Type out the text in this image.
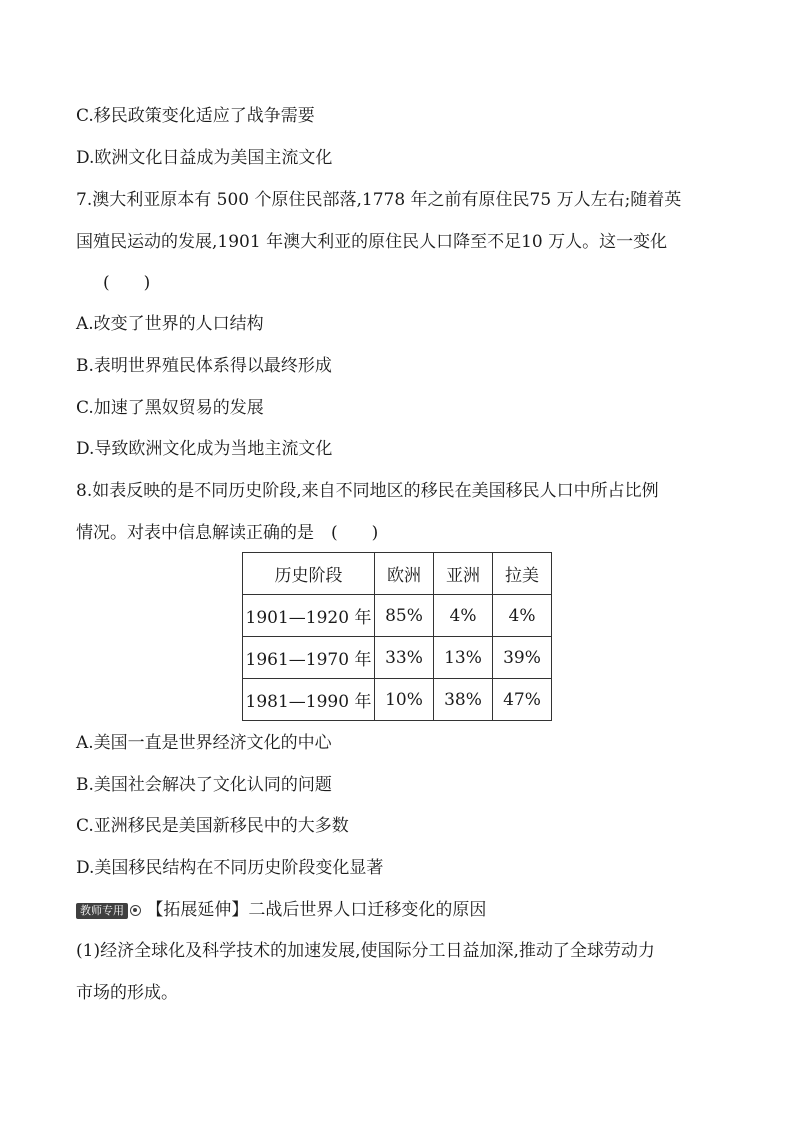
C.移民政策变化适应了战争需要
D.欧洲文化日益成为美国主流文化
7.澳大利亚原本有 500 个原住民部落,1778 年之前有原住民75 万人左右;随着英
国殖民运动的发展,1901 年澳大利亚的原住民人口降至不足10 万人。这一变化
(　　)
A.改变了世界的人口结构
B.表明世界殖民体系得以最终形成
C.加速了黑奴贸易的发展
D.导致欧洲文化成为当地主流文化
8.如表反映的是不同历史阶段,来自不同地区的移民在美国移民人口中所占比例
情况。对表中信息解读正确的是　(　　)
历史阶段	欧洲	亚洲	拉美
1901—1920 年	85%	4%	4%
1961—1970 年	33%	13%	39%
1981—1990 年	10%	38%	47%
A.美国一直是世界经济文化的中心
B.美国社会解决了文化认同的问题
C.亚洲移民是美国新移民中的大多数
D.美国移民结构在不同历史阶段变化显著
教师专用 【拓展延伸】二战后世界人口迁移变化的原因
(1)经济全球化及科学技术的加速发展,使国际分工日益加深,推动了全球劳动力
市场的形成。
